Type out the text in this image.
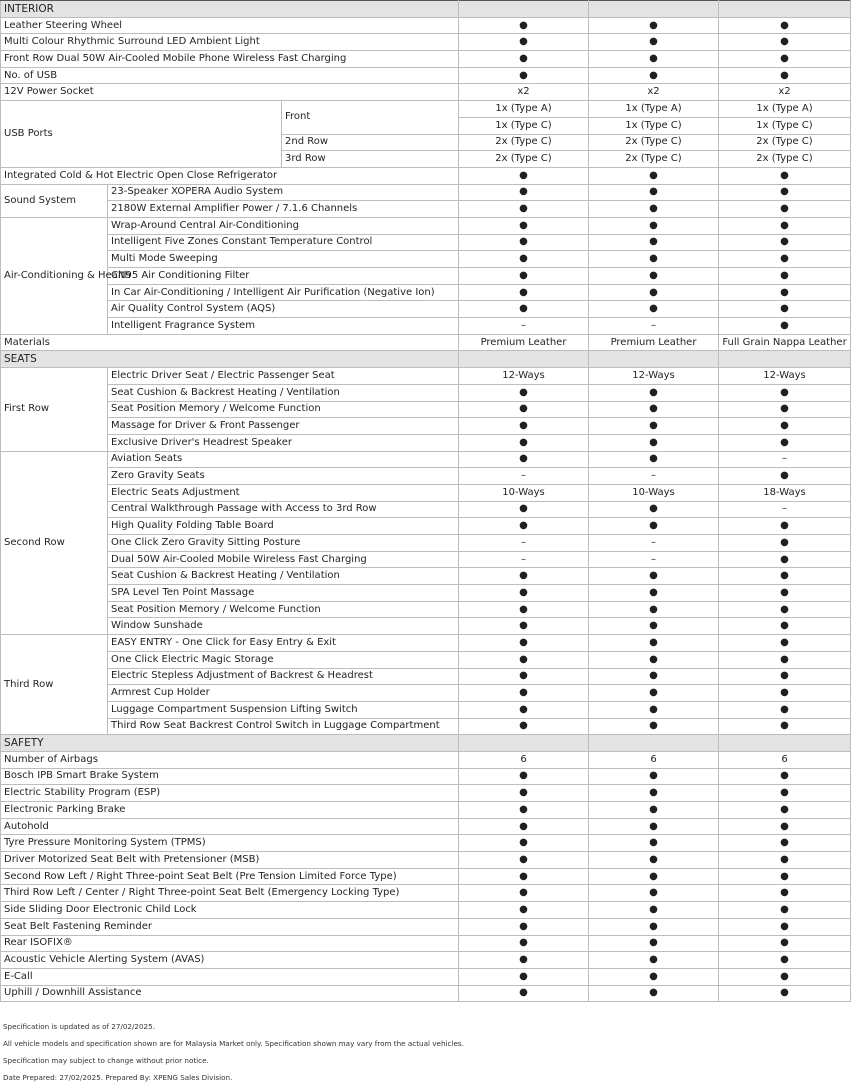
INTERIOR					
Leather Steering Wheel			●	●	●
Multi Colour Rhythmic Surround LED Ambient Light			●	●	●
Front Row Dual 50W Air-Cooled Mobile Phone Wireless Fast Charging			●	●	●
No. of USB			●	●	●
12V Power Socket			x2	x2	x2
USB Ports		Front	1x (Type A)	1x (Type A)	1x (Type A)
			1x (Type C)	1x (Type C)	1x (Type C)
		2nd Row	2x (Type C)	2x (Type C)	2x (Type C)
		3rd Row	2x (Type C)	2x (Type C)	2x (Type C)
Integrated Cold & Hot Electric Open Close Refrigerator			●	●	●
Sound System	23-Speaker XOPERA Audio System		●	●	●
	2180W External Amplifier Power / 7.1.6 Channels		●	●	●
Air-Conditioning & Health	Wrap-Around Central Air-Conditioning		●	●	●
	Intelligent Five Zones Constant Temperature Control		●	●	●
	Multi Mode Sweeping		●	●	●
	CN95 Air Conditioning Filter		●	●	●
	In Car Air-Conditioning / Intelligent Air Purification (Negative Ion)		●	●	●
	Air Quality Control System (AQS)		●	●	●
	Intelligent Fragrance System		–	–	●
Materials			Premium Leather	Premium Leather	Full Grain Nappa Leather
SEATS					
First Row	Electric Driver Seat / Electric Passenger Seat		12-Ways	12-Ways	12-Ways
	Seat Cushion & Backrest Heating / Ventilation		●	●	●
	Seat Position Memory / Welcome Function		●	●	●
	Massage for Driver & Front Passenger		●	●	●
	Exclusive Driver's Headrest Speaker		●	●	●
Second Row	Aviation Seats		●	●	–
	Zero Gravity Seats		–	–	●
	Electric Seats Adjustment		10-Ways	10-Ways	18-Ways
	Central Walkthrough Passage with Access to 3rd Row		●	●	–
	High Quality Folding Table Board		●	●	●
	One Click Zero Gravity Sitting Posture		–	–	●
	Dual 50W Air-Cooled Mobile Wireless Fast Charging		–	–	●
	Seat Cushion & Backrest Heating / Ventilation		●	●	●
	SPA Level Ten Point Massage		●	●	●
	Seat Position Memory / Welcome Function		●	●	●
	Window Sunshade		●	●	●
Third Row	EASY ENTRY - One Click for Easy Entry & Exit		●	●	●
	One Click Electric Magic Storage		●	●	●
	Electric Stepless Adjustment of Backrest & Headrest		●	●	●
	Armrest Cup Holder		●	●	●
	Luggage Compartment Suspension Lifting Switch		●	●	●
	Third Row Seat Backrest Control Switch in Luggage Compartment		●	●	●
SAFETY					
Number of Airbags			6	6	6
Bosch IPB Smart Brake System			●	●	●
Electric Stability Program (ESP)			●	●	●
Electronic Parking Brake			●	●	●
Autohold			●	●	●
Tyre Pressure Monitoring System (TPMS)			●	●	●
Driver Motorized Seat Belt with Pretensioner (MSB)			●	●	●
Second Row Left / Right Three-point Seat Belt (Pre Tension Limited Force Type)			●	●	●
Third Row Left / Center / Right Three-point Seat Belt (Emergency Locking Type)			●	●	●
Side Sliding Door Electronic Child Lock			●	●	●
Seat Belt Fastening Reminder			●	●	●
Rear ISOFIX®			●	●	●
Acoustic Vehicle Alerting System (AVAS)			●	●	●
E-Call			●	●	●
Uphill / Downhill Assistance			●	●	●
Specification is updated as of 27/02/2025.
All vehicle models and specification shown are for Malaysia Market only. Specification shown may vary from the actual vehicles.
Specification may subject to change without prior notice.
Date Prepared: 27/02/2025. Prepared By: XPENG Sales Division.
